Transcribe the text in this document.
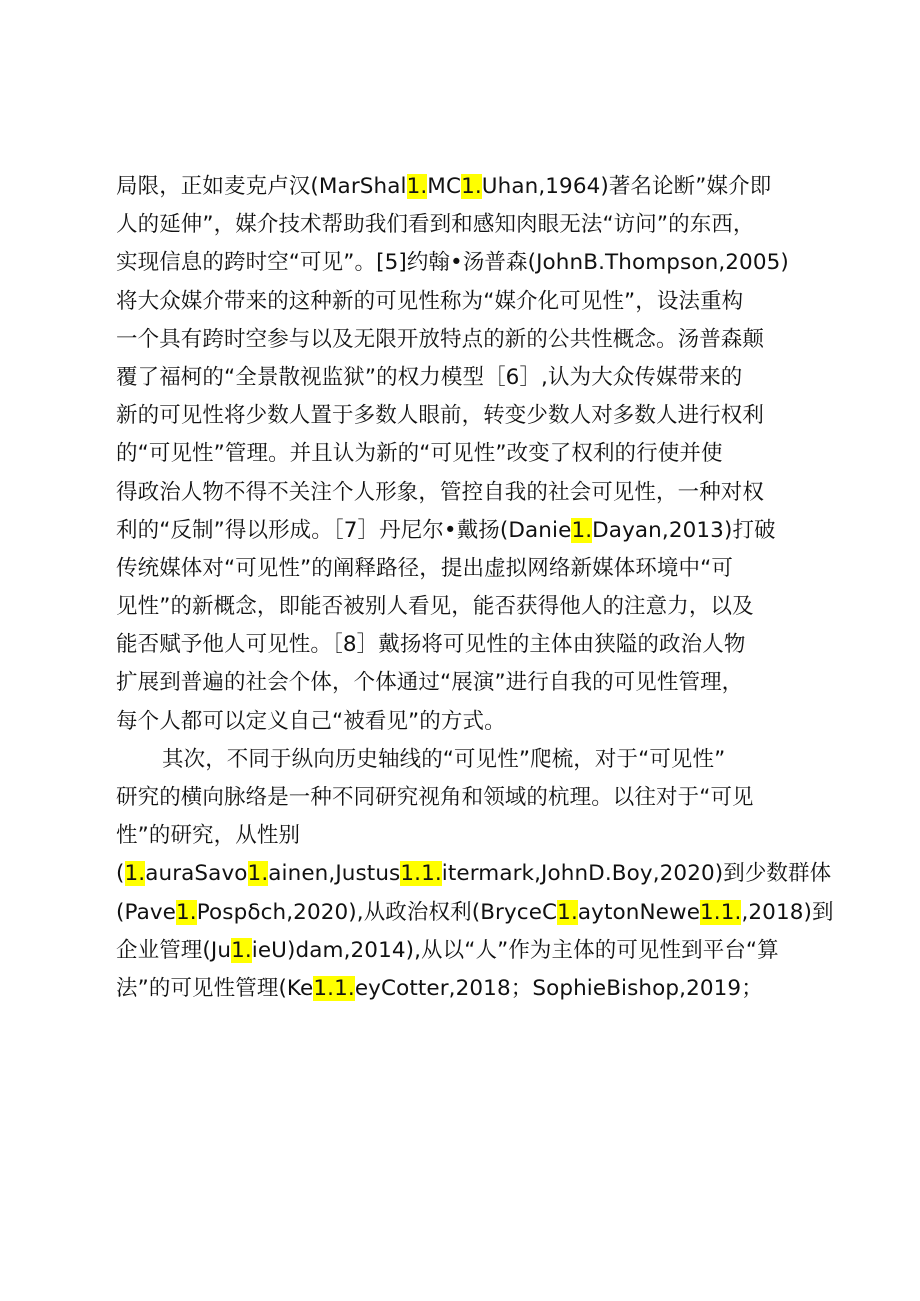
局限，正如麦克卢汉(MarShal1.MC1.Uhan,1964)著名论断”媒介即
人的延伸”，媒介技术帮助我们看到和感知肉眼无法“访问”的东西，
实现信息的跨时空“可见”。[5]约翰•汤普森(JohnB.Thompson,2005)
将大众媒介带来的这种新的可见性称为“媒介化可见性”，设法重构
一个具有跨时空参与以及无限开放特点的新的公共性概念。汤普森颠
覆了福柯的“全景散视监狱”的权力模型［6］,认为大众传媒带来的
新的可见性将少数人置于多数人眼前，转变少数人对多数人进行权利
的“可见性”管理。并且认为新的“可见性”改变了权利的行使并使
得政治人物不得不关注个人形象，管控自我的社会可见性，一种对权
利的“反制”得以形成。［7］丹尼尔•戴扬(Danie1.Dayan,2013)打破
传统媒体对“可见性”的阐释路径，提出虚拟网络新媒体环境中“可
见性”的新概念，即能否被别人看见，能否获得他人的注意力，以及
能否赋予他人可见性。［8］戴扬将可见性的主体由狭隘的政治人物
扩展到普遍的社会个体，个体通过“展演”进行自我的可见性管理，
每个人都可以定义自己“被看见”的方式。
其次，不同于纵向历史轴线的“可见性”爬梳，对于“可见性”
研究的横向脉络是一种不同研究视角和领域的杭理。以往对于“可见
性”的研究，从性别
(1.auraSavo1.ainen,Justus1.1.itermark,JohnD.Boy,2020)到少数群体
(Pave1.Pospδch,2020),从政治权利(BryceC1.aytonNewe1.1.,2018)到
企业管理(Ju1.ieU)dam,2014),从以“人”作为主体的可见性到平台“算
法”的可见性管理(Ke1.1.eyCotter,2018；SophieBishop,2019；
